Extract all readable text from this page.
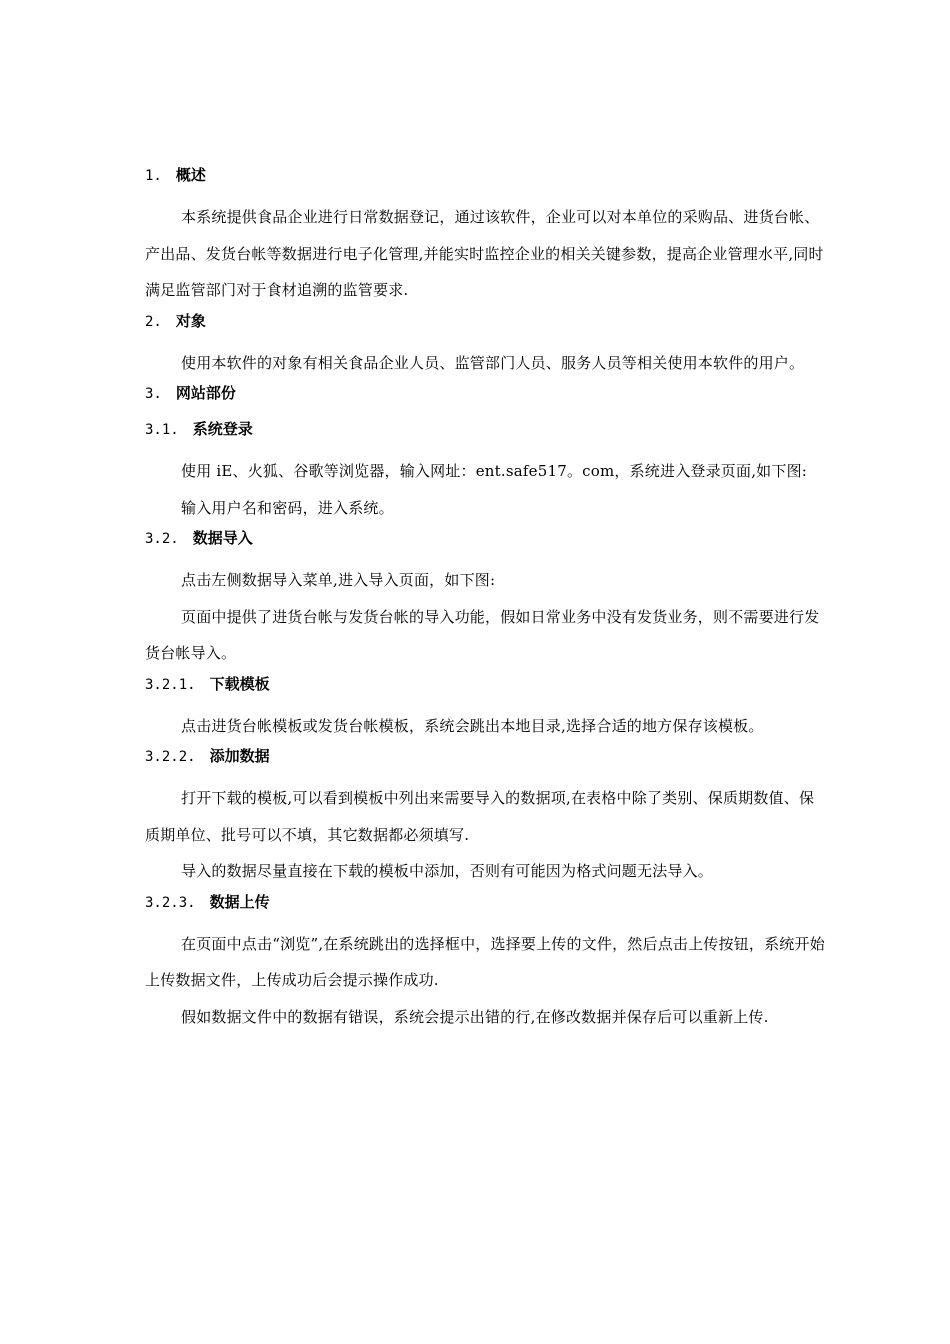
1. 概述

本系统提供食品企业进行日常数据登记，通过该软件，企业可以对本单位的采购品、进货台帐、产出品、发货台帐等数据进行电子化管理,并能实时监控企业的相关关键参数，提高企业管理水平,同时满足监管部门对于食材追溯的监管要求.

2. 对象

使用本软件的对象有相关食品企业人员、监管部门人员、服务人员等相关使用本软件的用户。

3. 网站部份
3.1. 系统登录

使用 iE、火狐、谷歌等浏览器，输入网址：ent.safe517。com，系统进入登录页面,如下图:

输入用户名和密码，进入系统。

3.2. 数据导入

点击左侧数据导入菜单,进入导入页面，如下图:

页面中提供了进货台帐与发货台帐的导入功能，假如日常业务中没有发货业务，则不需要进行发货台帐导入。

3.2.1. 下载模板

点击进货台帐模板或发货台帐模板，系统会跳出本地目录,选择合适的地方保存该模板。

3.2.2. 添加数据

打开下载的模板,可以看到模板中列出来需要导入的数据项,在表格中除了类别、保质期数值、保质期单位、批号可以不填，其它数据都必须填写.

导入的数据尽量直接在下载的模板中添加，否则有可能因为格式问题无法导入。

3.2.3. 数据上传

在页面中点击“浏览”,在系统跳出的选择框中，选择要上传的文件，然后点击上传按钮，系统开始上传数据文件，上传成功后会提示操作成功.

假如数据文件中的数据有错误，系统会提示出错的行,在修改数据并保存后可以重新上传.
